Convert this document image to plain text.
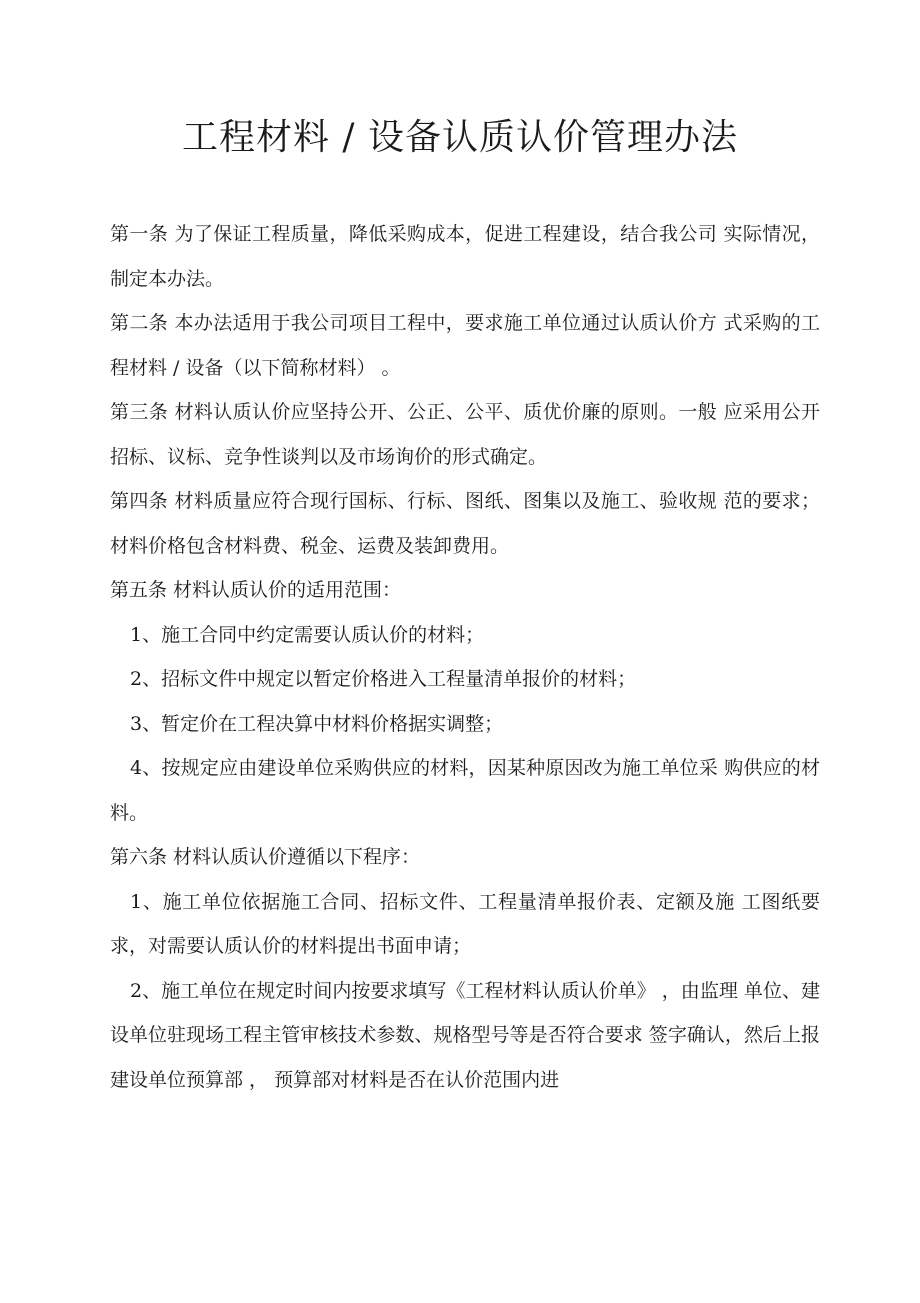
工程材料 / 设备认质认价管理办法

第一条 为了保证工程质量，降低采购成本，促进工程建设，结合我公司 实际情况，制定本办法。

第二条 本办法适用于我公司项目工程中，要求施工单位通过认质认价方 式采购的工程材料 / 设备（以下简称材料） 。

第三条 材料认质认价应坚持公开、公正、公平、质优价廉的原则。一般 应采用公开招标、议标、竞争性谈判以及市场询价的形式确定。

第四条 材料质量应符合现行国标、行标、图纸、图集以及施工、验收规 范的要求；材料价格包含材料费、税金、运费及装卸费用。

第五条 材料认质认价的适用范围：

1、施工合同中约定需要认质认价的材料；

2、招标文件中规定以暂定价格进入工程量清单报价的材料；

3、暂定价在工程决算中材料价格据实调整；

4、按规定应由建设单位采购供应的材料，因某种原因改为施工单位采 购供应的材料。

第六条 材料认质认价遵循以下程序：

1、施工单位依据施工合同、招标文件、工程量清单报价表、定额及施 工图纸要求，对需要认质认价的材料提出书面申请；

2、施工单位在规定时间内按要求填写《工程材料认质认价单》 ，由监理 单位、建设单位驻现场工程主管审核技术参数、规格型号等是否符合要求 签字确认，然后上报建设单位预算部 ， 预算部对材料是否在认价范围内进
